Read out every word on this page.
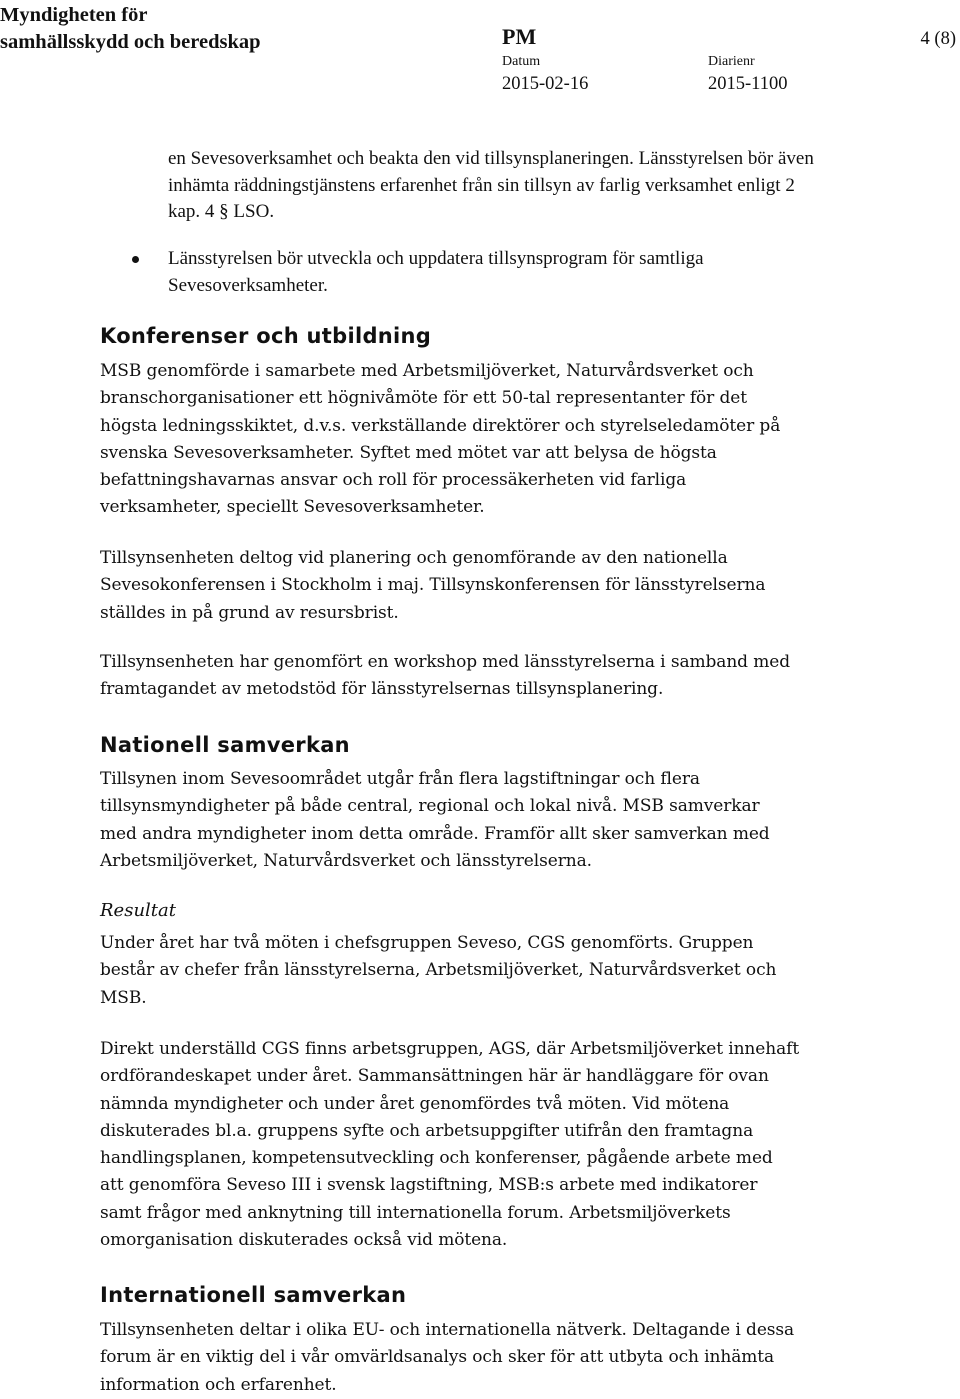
Myndigheten för
samhällsskydd och beredskap	PM	4 (8)
Datum
2015-02-16
Diarienr
2015-1100
en Sevesoverksamhet och beakta den vid tillsynsplaneringen. Länsstyrelsen bör även inhämta räddningstjänstens erfarenhet från sin tillsyn av farlig verksamhet enligt 2 kap. 4 § LSO.
Länsstyrelsen bör utveckla och uppdatera tillsynsprogram för samtliga Sevesoverksamheter.
Konferenser och utbildning
MSB genomförde i samarbete med Arbetsmiljöverket, Naturvårdsverket och branschorganisationer ett högnivåmöte för ett 50-tal representanter för det högsta ledningsskiktet, d.v.s. verkställande direktörer och styrelseledamöter på svenska Sevesoverksamheter. Syftet med mötet var att belysa de högsta befattningshavarnas ansvar och roll för processäkerheten vid farliga verksamheter, speciellt Sevesoverksamheter.
Tillsynsenheten deltog vid planering och genomförande av den nationella Sevesokonferensen i Stockholm i maj. Tillsynskonferensen för länsstyrelserna ställdes in på grund av resursbrist.
Tillsynsenheten har genomfört en workshop med länsstyrelserna i samband med framtagandet av metodstöd för länsstyrelsernas tillsynsplanering.
Nationell samverkan
Tillsynen inom Sevesoområdet utgår från flera lagstiftningar och flera tillsynsmyndigheter på både central, regional och lokal nivå. MSB samverkar med andra myndigheter inom detta område. Framför allt sker samverkan med Arbetsmiljöverket, Naturvårdsverket och länsstyrelserna.
Resultat
Under året har två möten i chefsgruppen Seveso, CGS genomförts. Gruppen består av chefer från länsstyrelserna, Arbetsmiljöverket, Naturvårdsverket och MSB.
Direkt underställd CGS finns arbetsgruppen, AGS, där Arbetsmiljöverket innehaft ordförandeskapet under året. Sammansättningen här är handläggare för ovan nämnda myndigheter och under året genomfördes två möten. Vid mötena diskuterades bl.a. gruppens syfte och arbetsuppgifter utifrån den framtagna handlingsplanen, kompetensutveckling och konferenser, pågående arbete med att genomföra Seveso III i svensk lagstiftning, MSB:s arbete med indikatorer samt frågor med anknytning till internationella forum. Arbetsmiljöverkets omorganisation diskuterades också vid mötena.
Internationell samverkan
Tillsynsenheten deltar i olika EU- och internationella nätverk. Deltagande i dessa forum är en viktig del i vår omvärldsanalys och sker för att utbyta och inhämta information och erfarenhet.
